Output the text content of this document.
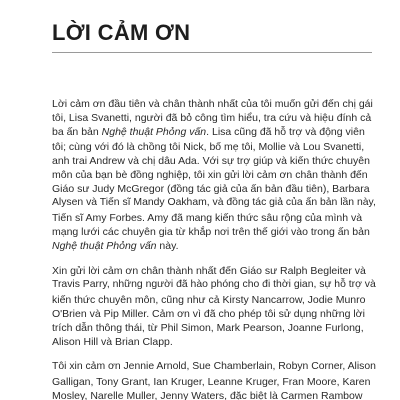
LỜI CẢM ƠN

Lời cảm ơn đầu tiên và chân thành nhất của tôi muốn gửi đến chị gái
tôi, Lisa Svanetti, người đã bỏ công tìm hiểu, tra cứu và hiệu đính cả
ba ấn bản Nghệ thuật Phỏng vấn. Lisa cũng đã hỗ trợ và động viên
tôi; cùng với đó là chồng tôi Nick, bố mẹ tôi, Mollie và Lou Svanetti,
anh trai Andrew và chị dâu Ada. Với sự trợ giúp và kiến thức chuyên
môn của bạn bè đồng nghiệp, tôi xin gửi lời cảm ơn chân thành đến
Giáo sư Judy McGregor (đồng tác giả của ấn bản đầu tiên), Barbara
Alysen và Tiến sĩ Mandy Oakham, và đồng tác giả của ấn bản lần này,
Tiến sĩ Amy Forbes. Amy đã mang kiến thức sâu rộng của mình và
mạng lưới các chuyên gia từ khắp nơi trên thế giới vào trong ấn bản
Nghệ thuật Phỏng vấn này.

Xin gửi lời cảm ơn chân thành nhất đến Giáo sư Ralph Begleiter và
Travis Parry, những người đã hào phóng cho đi thời gian, sự hỗ trợ và
kiến thức chuyên môn, cũng như cả Kirsty Nancarrow, Jodie Munro
O'Brien và Pip Miller. Cảm ơn vì đã cho phép tôi sử dụng những lời
trích dẫn thông thái, từ Phil Simon, Mark Pearson, Joanne Furlong,
Alison Hill và Brian Clapp.

Tôi xin cảm ơn Jennie Arnold, Sue Chamberlain, Robyn Corner, Alison
Galligan, Tony Grant, Ian Kruger, Leanne Kruger, Fran Moore, Karen
Mosley, Narelle Muller, Jenny Waters, đặc biệt là Carmen Rambow
